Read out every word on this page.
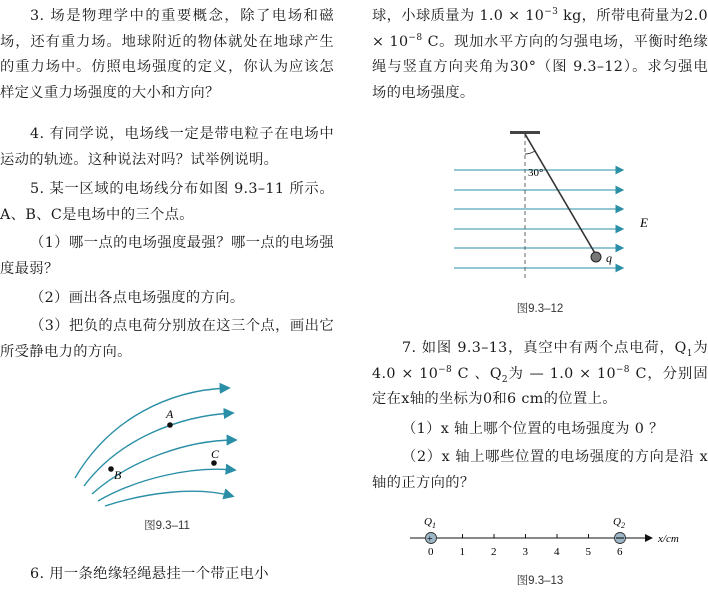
3. 场是物理学中的重要概念，除了电场和磁场，还有重力场。地球附近的物体就处在地球产生的重力场中。仿照电场强度的定义，你认为应该怎样定义重力场强度的大小和方向？

4. 有同学说，电场线一定是带电粒子在电场中运动的轨迹。这种说法对吗？试举例说明。

5. 某一区域的电场线分布如图 9.3–11 所示。A、B、C是电场中的三个点。

（1）哪一点的电场强度最强？哪一点的电场强度最弱？

（2）画出各点电场强度的方向。

（3）把负的点电荷分别放在这三个点，画出它所受静电力的方向。

A
B
C
图9.3–11

6. 用一条绝缘轻绳悬挂一个带正电小

球，小球质量为 $1.0 \times 10^{-3}$ kg，所带电荷量为$2.0 \times 10^{-8}$ C。现加水平方向的匀强电场，平衡时绝缘绳与竖直方向夹角为30°（图 9.3–12）。求匀强电场的电场强度。

30°
q
E
图9.3–12

7. 如图 9.3–13，真空中有两个点电荷，$Q_1$为 $4.0 \times 10^{-8}$ C 、$Q_2$为 — $1.0 \times 10^{-8}$ C，分别固定在x轴的坐标为0和6 cm的位置上。

（1）x 轴上哪个位置的电场强度为 0 ？

（2）x 轴上哪些位置的电场强度的方向是沿 x轴的正方向的？

0 1 2 3 4 5 6
+
$Q_1$	$Q_2$
x/cm
图9.3–13
